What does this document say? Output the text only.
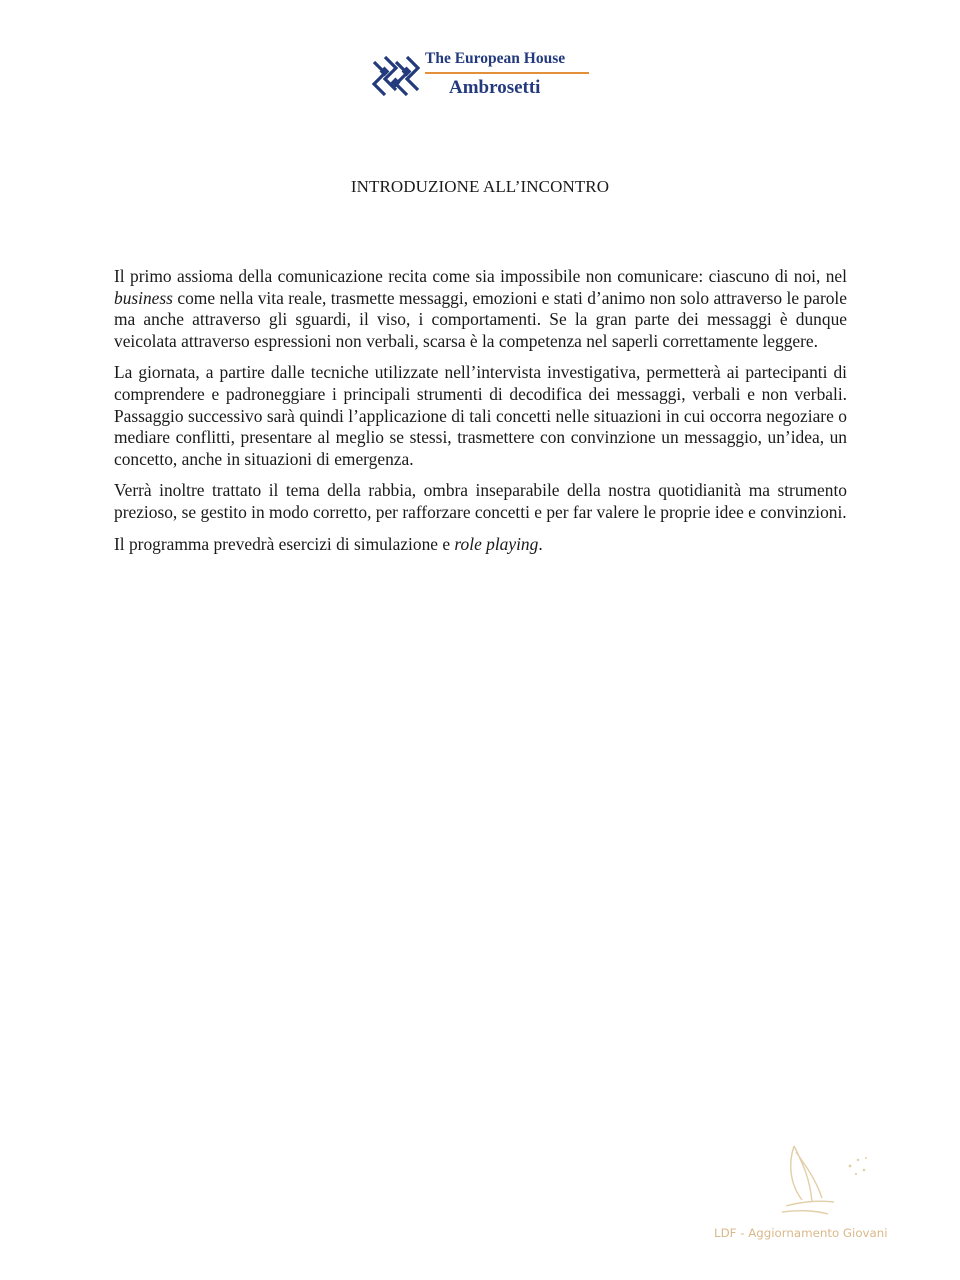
The European House
Ambrosetti
INTRODUZIONE ALL’INCONTRO

Il primo assioma della comunicazione recita come sia impossibile non comunicare: ciascuno di noi, nel business come nella vita reale, trasmette messaggi, emozioni e stati d’animo non solo attraverso le parole ma anche attraverso gli sguardi, il viso, i comportamenti. Se la gran parte dei messaggi è dunque veicolata attraverso espressioni non verbali, scarsa è la competenza nel saperli correttamente leggere.

La giornata, a partire dalle tecniche utilizzate nell’intervista investigativa, permetterà ai partecipanti di comprendere e padroneggiare i principali strumenti di decodifica dei messaggi, verbali e non verbali. Passaggio successivo sarà quindi l’applicazione di tali concetti nelle situazioni in cui occorra negoziare o mediare conflitti, presentare al meglio se stessi, trasmettere con convinzione un messaggio, un’idea, un concetto, anche in situazioni di emergenza.

Verrà inoltre trattato il tema della rabbia, ombra inseparabile della nostra quotidianità ma strumento prezioso, se gestito in modo corretto, per rafforzare concetti e per far valere le proprie idee e convinzioni.

Il programma prevedrà esercizi di simulazione e role playing.

LDF - Aggiornamento Giovani
